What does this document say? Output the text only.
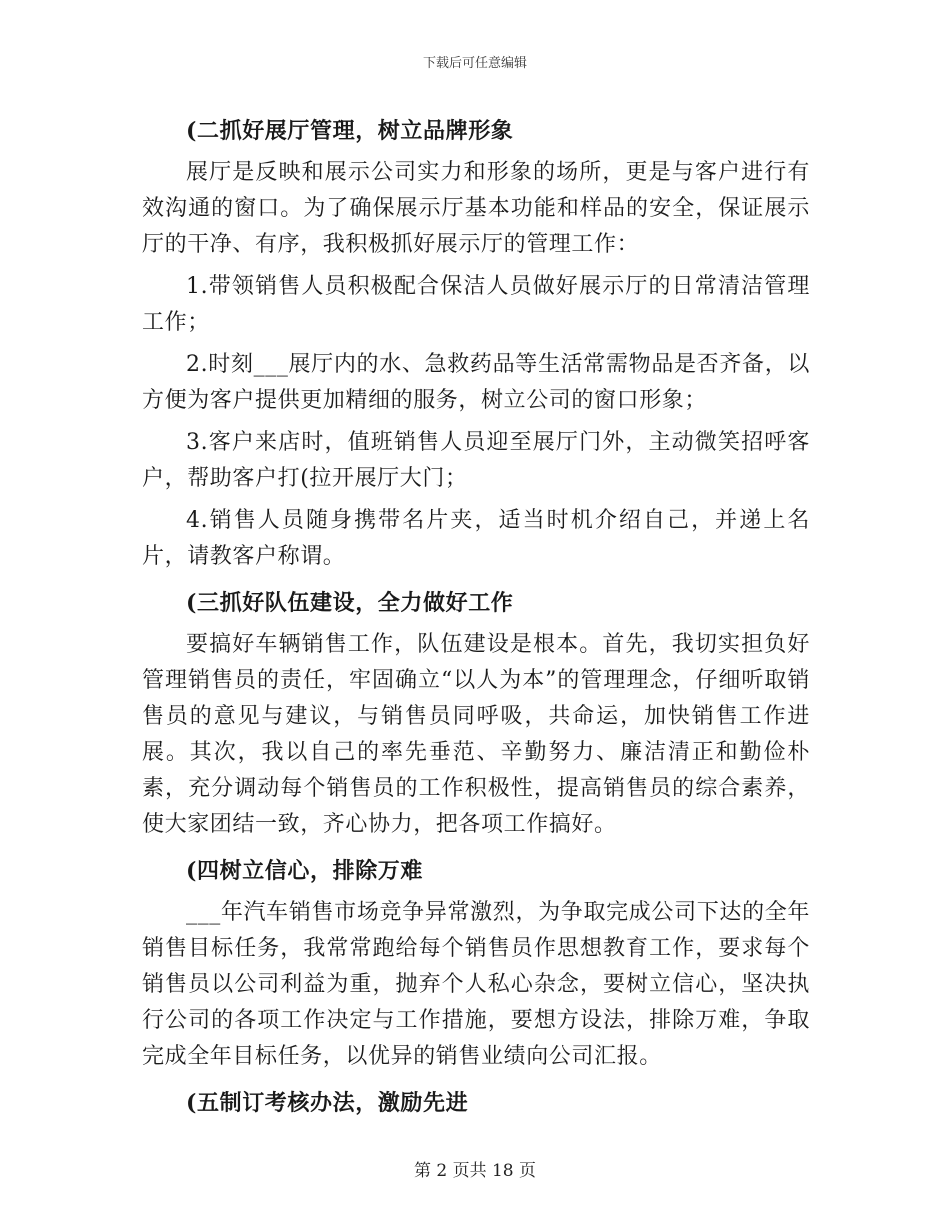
下载后可任意编辑
(二抓好展厅管理，树立品牌形象
展厅是反映和展示公司实力和形象的场所，更是与客户进行有效沟通的窗口。为了确保展示厅基本功能和样品的安全，保证展示厅的干净、有序，我积极抓好展示厅的管理工作：
1.带领销售人员积极配合保洁人员做好展示厅的日常清洁管理工作；
2.时刻___展厅内的水、急救药品等生活常需物品是否齐备，以方便为客户提供更加精细的服务，树立公司的窗口形象；
3.客户来店时，值班销售人员迎至展厅门外，主动微笑招呼客户，帮助客户打(拉开展厅大门；
4.销售人员随身携带名片夹，适当时机介绍自己，并递上名片，请教客户称谓。
(三抓好队伍建设，全力做好工作
要搞好车辆销售工作，队伍建设是根本。首先，我切实担负好管理销售员的责任，牢固确立“以人为本”的管理理念，仔细听取销售员的意见与建议，与销售员同呼吸，共命运，加快销售工作进展。其次，我以自己的率先垂范、辛勤努力、廉洁清正和勤俭朴素，充分调动每个销售员的工作积极性，提高销售员的综合素养，使大家团结一致，齐心协力，把各项工作搞好。
(四树立信心，排除万难
___年汽车销售市场竞争异常激烈，为争取完成公司下达的全年销售目标任务，我常常跑给每个销售员作思想教育工作，要求每个销售员以公司利益为重，抛弃个人私心杂念，要树立信心，坚决执行公司的各项工作决定与工作措施，要想方设法，排除万难，争取完成全年目标任务，以优异的销售业绩向公司汇报。
(五制订考核办法，激励先进
第 2 页共 18 页
